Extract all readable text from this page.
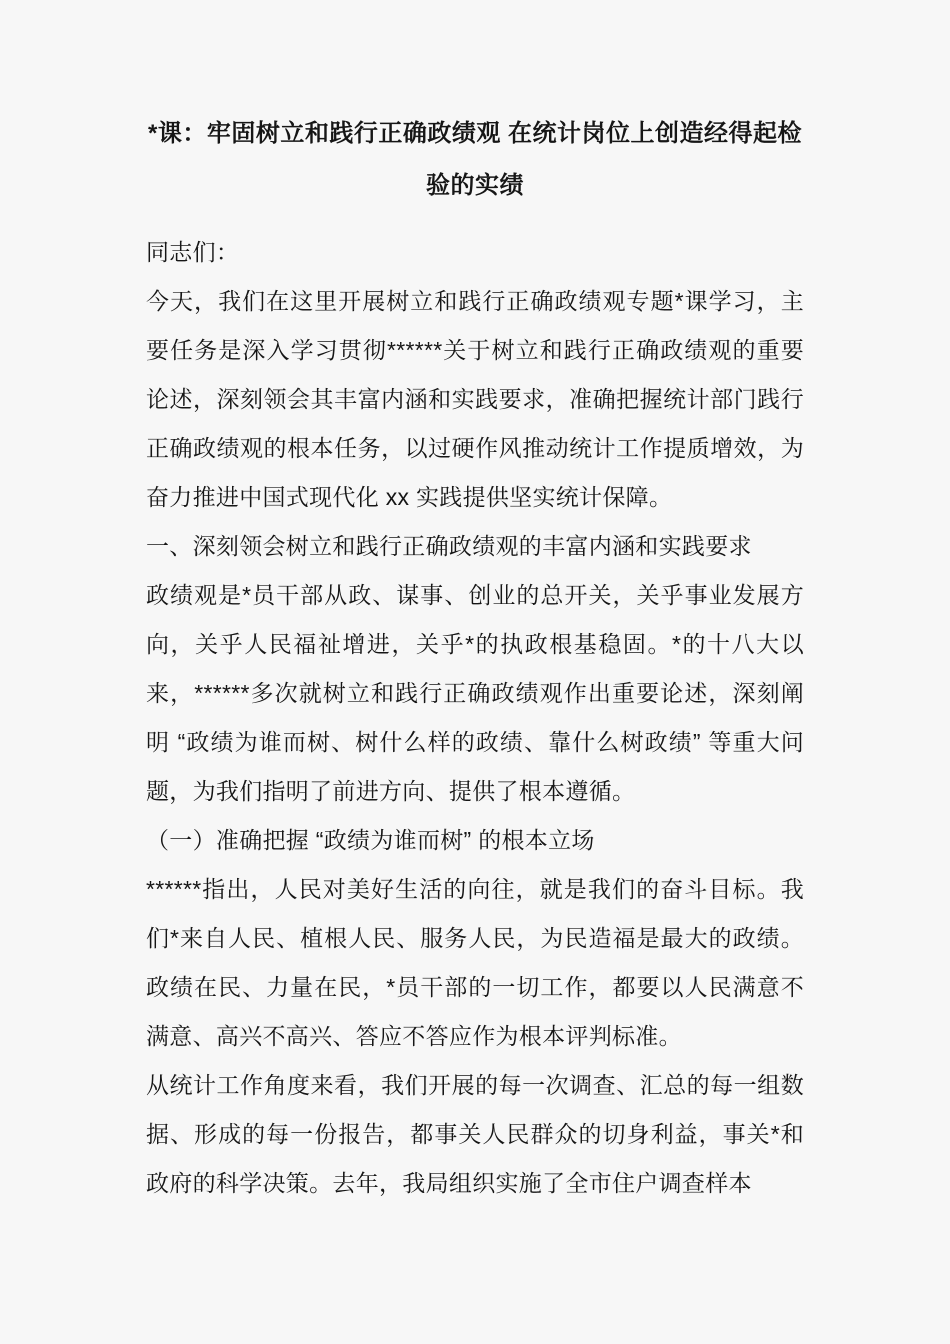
*课：牢固树立和践行正确政绩观 在统计岗位上创造经得起检验的实绩

同志们：

今天，我们在这里开展树立和践行正确政绩观专题*课学习，主要任务是深入学习贯彻******关于树立和践行正确政绩观的重要论述，深刻领会其丰富内涵和实践要求，准确把握统计部门践行正确政绩观的根本任务，以过硬作风推动统计工作提质增效，为奋力推进中国式现代化 xx 实践提供坚实统计保障。

一、深刻领会树立和践行正确政绩观的丰富内涵和实践要求

政绩观是*员干部从政、谋事、创业的总开关，关乎事业发展方向，关乎人民福祉增进，关乎*的执政根基稳固。*的十八大以来，******多次就树立和践行正确政绩观作出重要论述，深刻阐明 “政绩为谁而树、树什么样的政绩、靠什么树政绩” 等重大问题，为我们指明了前进方向、提供了根本遵循。

（一）准确把握 “政绩为谁而树” 的根本立场

******指出，人民对美好生活的向往，就是我们的奋斗目标。我们*来自人民、植根人民、服务人民，为民造福是最大的政绩。政绩在民、力量在民，*员干部的一切工作，都要以人民满意不满意、高兴不高兴、答应不答应作为根本评判标准。

从统计工作角度来看，我们开展的每一次调查、汇总的每一组数据、形成的每一份报告，都事关人民群众的切身利益，事关*和政府的科学决策。去年，我局组织实施了全市住户调查样本
